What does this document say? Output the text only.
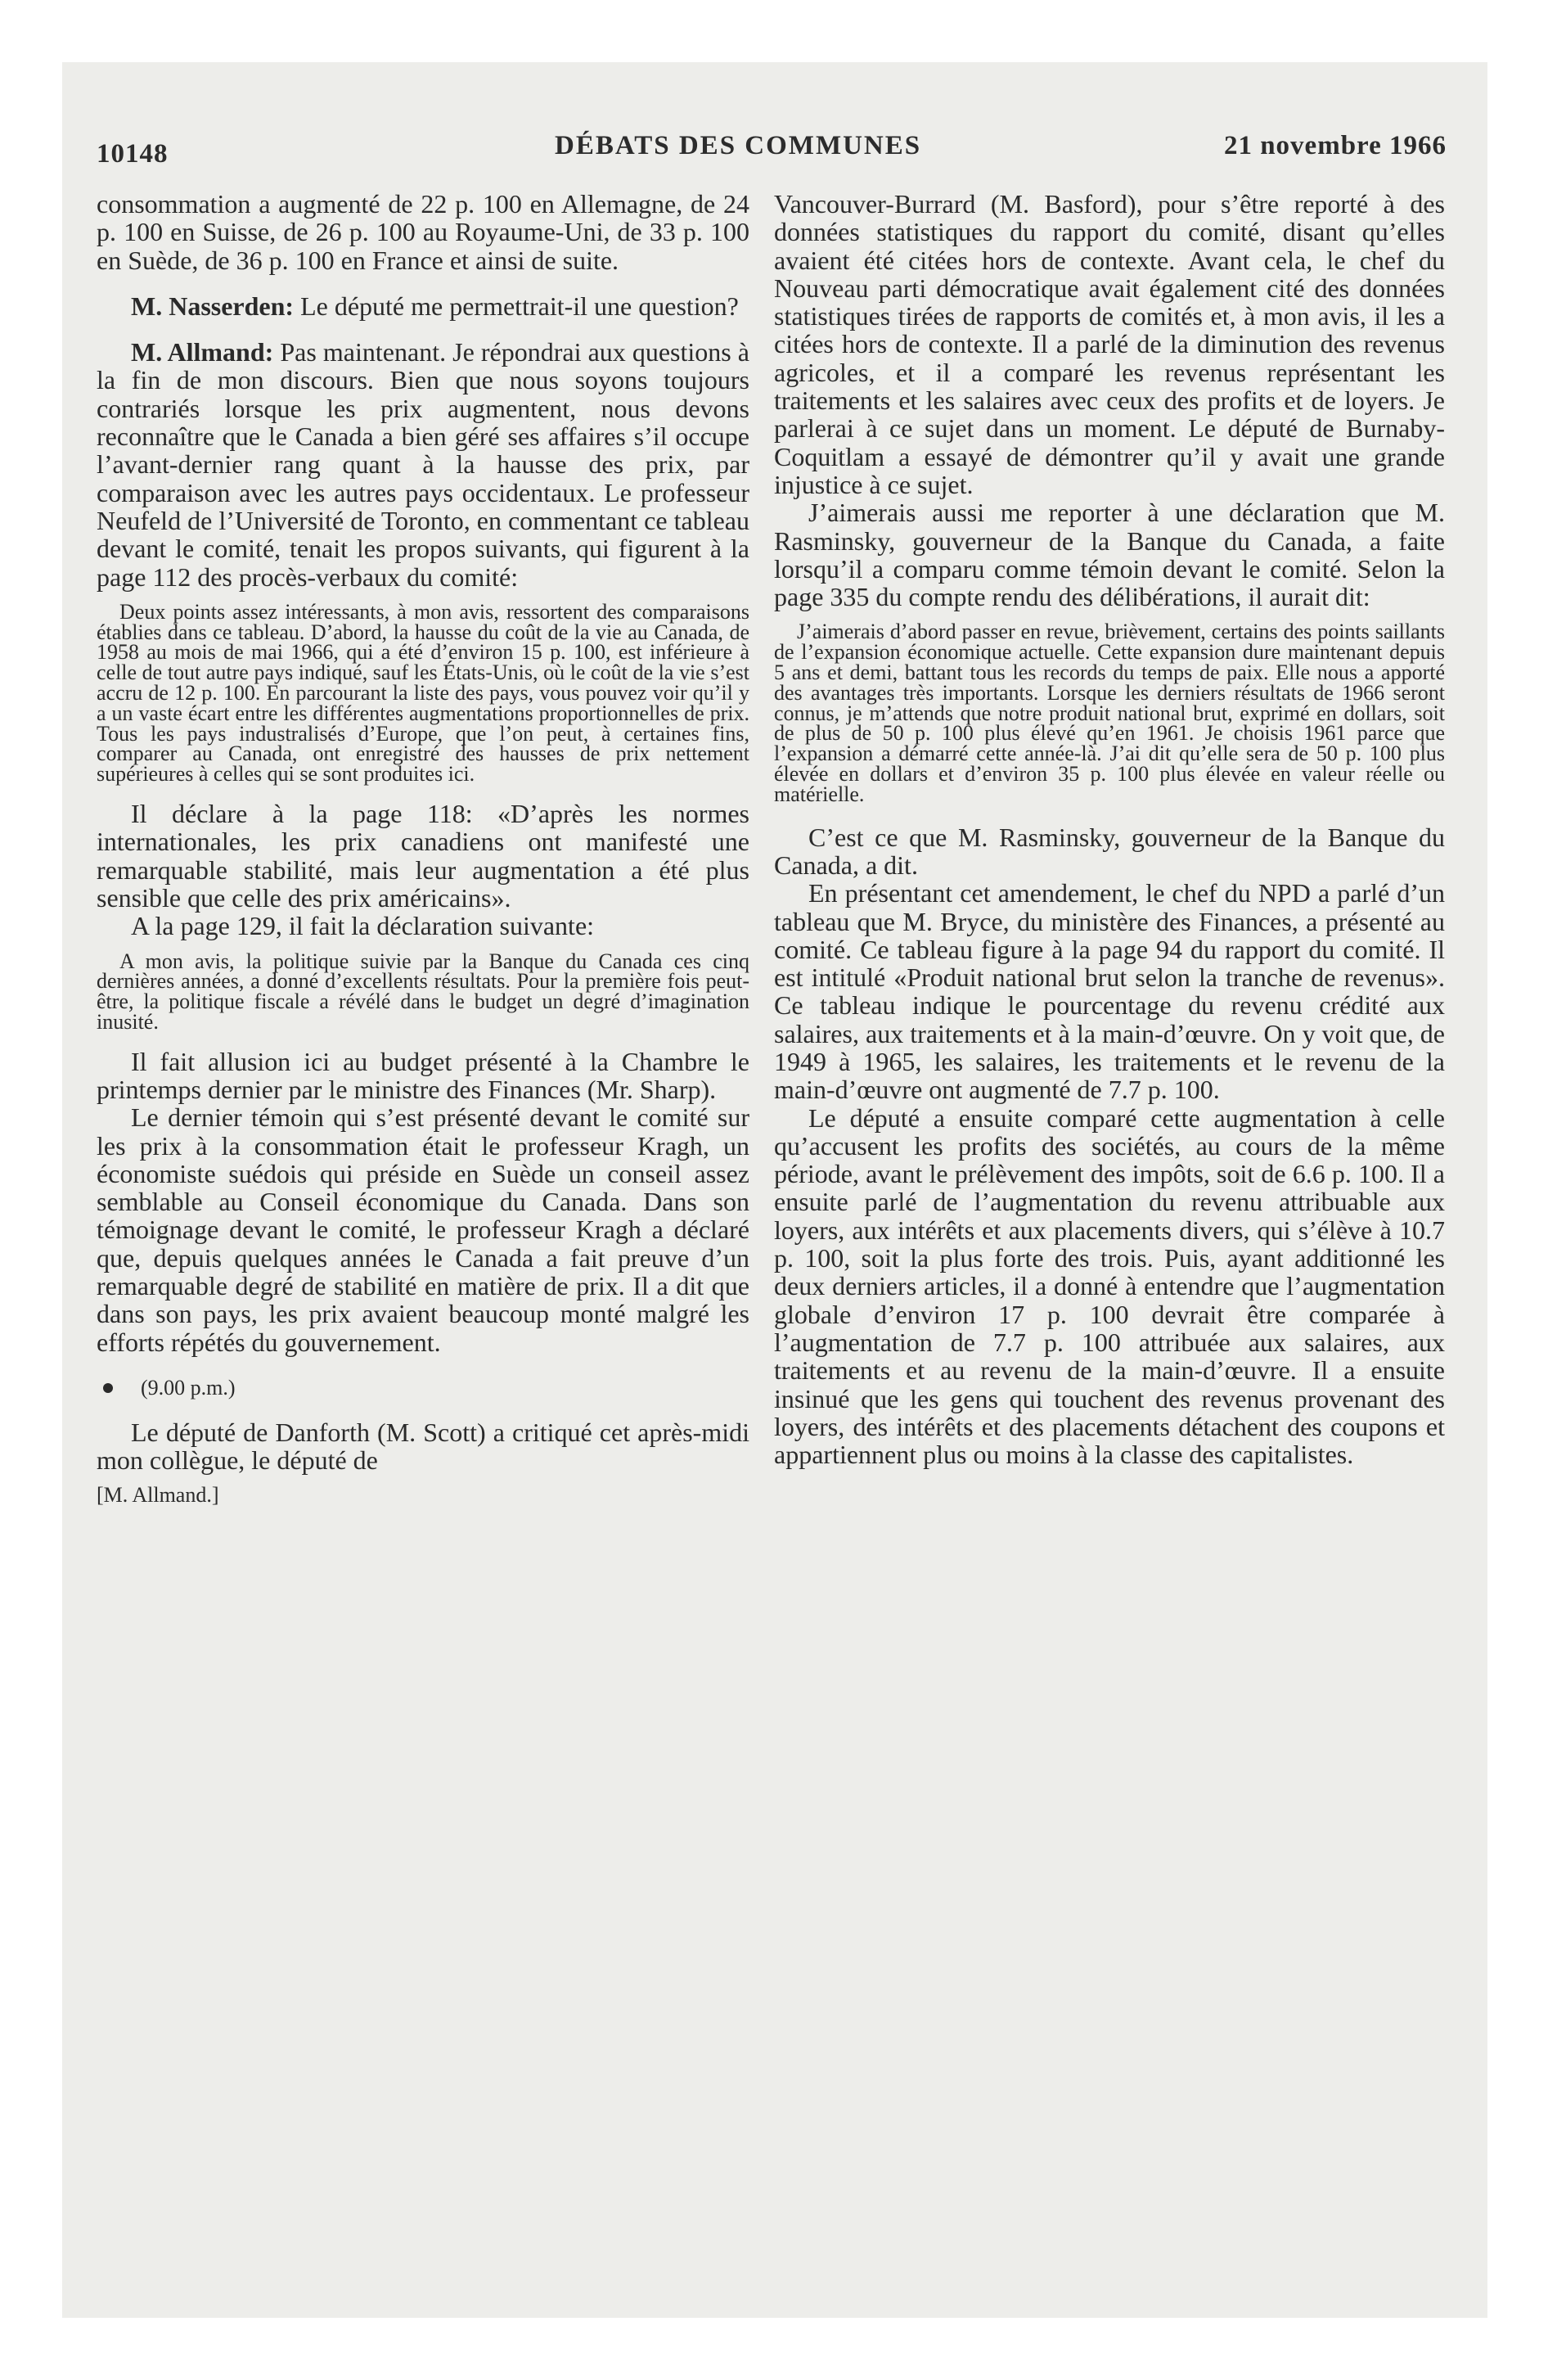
10148	DÉBATS DES COMMUNES	21 novembre 1966

consommation a augmenté de 22 p. 100 en Allemagne, de 24 p. 100 en Suisse, de 26 p. 100 au Royaume-Uni, de 33 p. 100 en Suède, de 36 p. 100 en France et ainsi de suite.

M. Nasserden: Le député me permettrait-il une question?

M. Allmand: Pas maintenant. Je répondrai aux questions à la fin de mon discours. Bien que nous soyons toujours contrariés lorsque les prix augmentent, nous devons reconnaître que le Canada a bien géré ses affaires s’il occupe l’avant-dernier rang quant à la hausse des prix, par comparaison avec les autres pays occidentaux. Le professeur Neufeld de l’Université de Toronto, en commentant ce tableau devant le comité, tenait les propos suivants, qui figurent à la page 112 des procès-verbaux du comité:

Deux points assez intéressants, à mon avis, ressortent des comparaisons établies dans ce tableau. D’abord, la hausse du coût de la vie au Canada, de 1958 au mois de mai 1966, qui a été d’environ 15 p. 100, est inférieure à celle de tout autre pays indiqué, sauf les États-Unis, où le coût de la vie s’est accru de 12 p. 100. En parcourant la liste des pays, vous pouvez voir qu’il y a un vaste écart entre les différentes augmentations proportionnelles de prix. Tous les pays industralisés d’Europe, que l’on peut, à certaines fins, comparer au Canada, ont enregistré des hausses de prix nettement supérieures à celles qui se sont produites ici.

Il déclare à la page 118: «D’après les normes internationales, les prix canadiens ont manifesté une remarquable stabilité, mais leur augmentation a été plus sensible que celle des prix américains».

A la page 129, il fait la déclaration suivante:

A mon avis, la politique suivie par la Banque du Canada ces cinq dernières années, a donné d’excellents résultats. Pour la première fois peut-être, la politique fiscale a révélé dans le budget un degré d’imagination inusité.

Il fait allusion ici au budget présenté à la Chambre le printemps dernier par le ministre des Finances (Mr. Sharp).

Le dernier témoin qui s’est présenté devant le comité sur les prix à la consommation était le professeur Kragh, un économiste suédois qui préside en Suède un conseil assez semblable au Conseil économique du Canada. Dans son témoignage devant le comité, le professeur Kragh a déclaré que, depuis quelques années le Canada a fait preuve d’un remarquable degré de stabilité en matière de prix. Il a dit que dans son pays, les prix avaient beaucoup monté malgré les efforts répétés du gouvernement.

(9.00 p.m.)

Le député de Danforth (M. Scott) a critiqué cet après-midi mon collègue, le député de

[M. Allmand.]

Vancouver-Burrard (M. Basford), pour s’être reporté à des données statistiques du rapport du comité, disant qu’elles avaient été citées hors de contexte. Avant cela, le chef du Nouveau parti démocratique avait également cité des données statistiques tirées de rapports de comités et, à mon avis, il les a citées hors de contexte. Il a parlé de la diminution des revenus agricoles, et il a comparé les revenus représentant les traitements et les salaires avec ceux des profits et de loyers. Je parlerai à ce sujet dans un moment. Le député de Burnaby-Coquitlam a essayé de démontrer qu’il y avait une grande injustice à ce sujet.

J’aimerais aussi me reporter à une déclaration que M. Rasminsky, gouverneur de la Banque du Canada, a faite lorsqu’il a comparu comme témoin devant le comité. Selon la page 335 du compte rendu des délibérations, il aurait dit:

J’aimerais d’abord passer en revue, brièvement, certains des points saillants de l’expansion économique actuelle. Cette expansion dure maintenant depuis 5 ans et demi, battant tous les records du temps de paix. Elle nous a apporté des avantages très importants. Lorsque les derniers résultats de 1966 seront connus, je m’attends que notre produit national brut, exprimé en dollars, soit de plus de 50 p. 100 plus élevé qu’en 1961. Je choisis 1961 parce que l’expansion a démarré cette année-là. J’ai dit qu’elle sera de 50 p. 100 plus élevée en dollars et d’environ 35 p. 100 plus élevée en valeur réelle ou matérielle.

C’est ce que M. Rasminsky, gouverneur de la Banque du Canada, a dit.

En présentant cet amendement, le chef du NPD a parlé d’un tableau que M. Bryce, du ministère des Finances, a présenté au comité. Ce tableau figure à la page 94 du rapport du comité. Il est intitulé «Produit national brut selon la tranche de revenus». Ce tableau indique le pourcentage du revenu crédité aux salaires, aux traitements et à la main-d’œuvre. On y voit que, de 1949 à 1965, les salaires, les traitements et le revenu de la main-d’œuvre ont augmenté de 7.7 p. 100.

Le député a ensuite comparé cette augmentation à celle qu’accusent les profits des sociétés, au cours de la même période, avant le prélèvement des impôts, soit de 6.6 p. 100. Il a ensuite parlé de l’augmentation du revenu attribuable aux loyers, aux intérêts et aux placements divers, qui s’élève à 10.7 p. 100, soit la plus forte des trois. Puis, ayant additionné les deux derniers articles, il a donné à entendre que l’augmentation globale d’environ 17 p. 100 devrait être comparée à l’augmentation de 7.7 p. 100 attribuée aux salaires, aux traitements et au revenu de la main-d’œuvre. Il a ensuite insinué que les gens qui touchent des revenus provenant des loyers, des intérêts et des placements détachent des coupons et appartiennent plus ou moins à la classe des capitalistes.
